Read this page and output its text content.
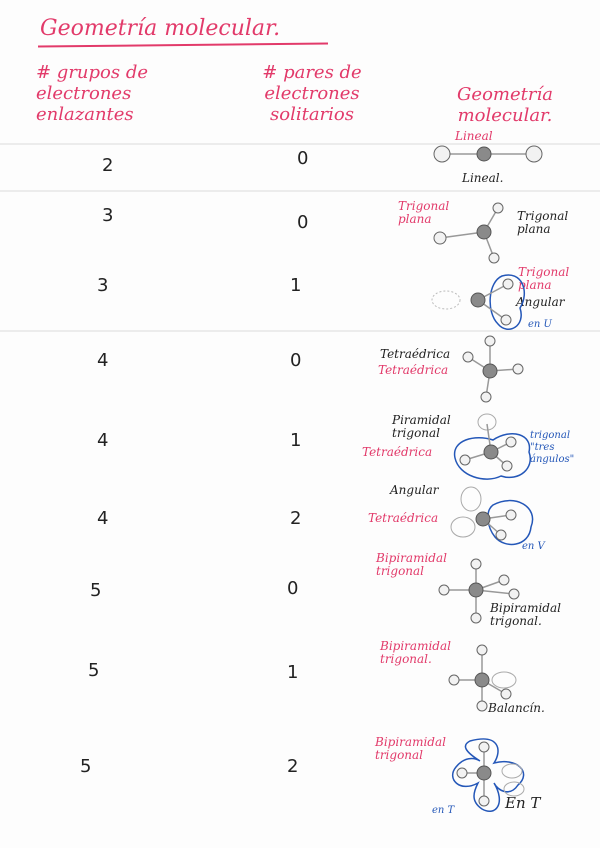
Geometría molecular.
# grupos de electrones enlazantes
# pares de electrones solitarios
Geometría molecular.
2	0
Lineal
Lineal.
3	0
Trigonal plana	Trigonal plana
3	1
Trigonal plana
Angular
en U
4	0	Tetraédrica
Tetraédrica
4	1
Piramidal trigonal
Tetraédrica
trigonal "tres ángulos"
4	2
Angular
Tetraédrica
en V
5	0
Bipiramidal trigonal
Bipiramidal trigonal.
5	1
Bipiramidal trigonal.
Balancín.
5	2
Bipiramidal trigonal
En T
en T
